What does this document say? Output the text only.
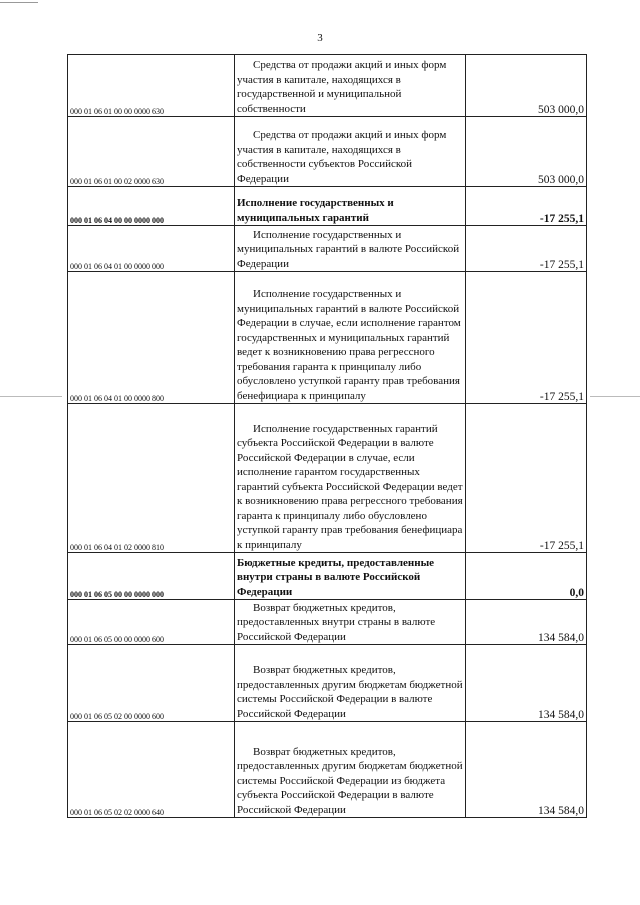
3
000 01 06 01 00 00 0000 630	Средства от продажи акций и иных форм участия в капитале, находящихся в государственной и муниципальной собственности	503 000,0
000 01 06 01 00 02 0000 630	Средства от продажи акций и иных форм участия в капитале, находящихся в собственности субъектов Российской Федерации	503 000,0
000 01 06 04 00 00 0000 000	Исполнение государственных и муниципальных гарантий	-17 255,1
000 01 06 04 01 00 0000 000	Исполнение государственных и муниципальных гарантий в валюте Российской Федерации	-17 255,1
000 01 06 04 01 00 0000 800	Исполнение государственных и муниципальных гарантий в валюте Российской Федерации в случае, если исполнение гарантом государственных и муниципальных гарантий ведет к возникновению права регрессного требования гаранта к принципалу либо обусловлено уступкой гаранту прав требования бенефициара к принципалу	-17 255,1
000 01 06 04 01 02 0000 810	Исполнение государственных гарантий субъекта Российской Федерации в валюте Российской Федерации в случае, если исполнение гарантом государственных гарантий субъекта Российской Федерации ведет к возникновению права регрессного требования гаранта к принципалу либо обусловлено уступкой гаранту прав требования бенефициара к принципалу	-17 255,1
000 01 06 05 00 00 0000 000	Бюджетные кредиты, предоставленные внутри страны в валюте Российской Федерации	0,0
000 01 06 05 00 00 0000 600	Возврат бюджетных кредитов, предоставленных внутри страны в валюте Российской Федерации	134 584,0
000 01 06 05 02 00 0000 600	Возврат бюджетных кредитов, предоставленных другим бюджетам бюджетной системы Российской Федерации в валюте Российской Федерации	134 584,0
000 01 06 05 02 02 0000 640	Возврат бюджетных кредитов, предоставленных другим бюджетам бюджетной системы Российской Федерации из бюджета субъекта Российской Федерации в валюте Российской Федерации	134 584,0
